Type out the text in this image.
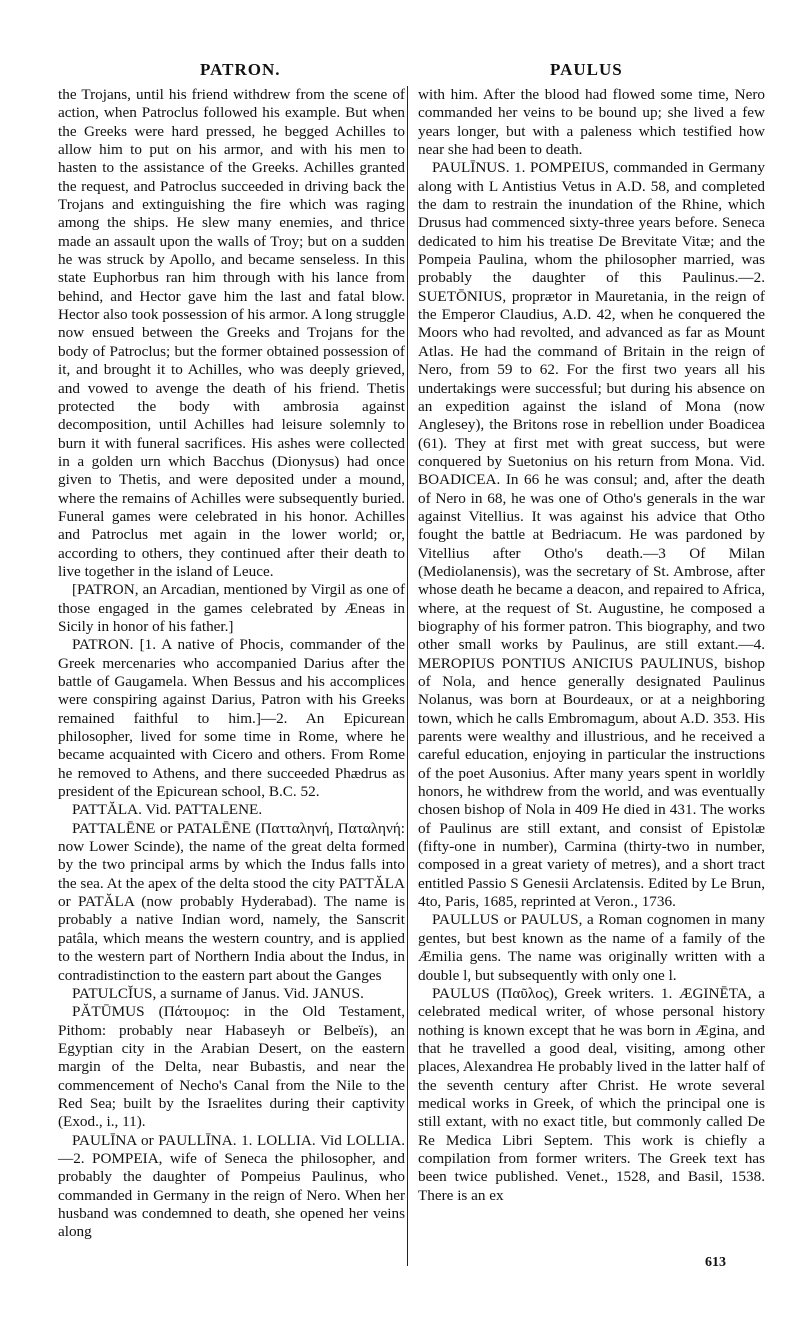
PATRON.	PAULUS

the Trojans, until his friend withdrew from the scene of action, when Patroclus followed his example. But when the Greeks were hard pressed, he begged Achilles to allow him to put on his armor, and with his men to hasten to the assistance of the Greeks. Achilles granted the request, and Patroclus succeeded in driving back the Trojans and extinguishing the fire which was raging among the ships. He slew many enemies, and thrice made an assault upon the walls of Troy; but on a sudden he was struck by Apollo, and became senseless. In this state Euphorbus ran him through with his lance from behind, and Hector gave him the last and fatal blow. Hector also took possession of his armor. A long struggle now ensued between the Greeks and Trojans for the body of Patroclus; but the former obtained possession of it, and brought it to Achilles, who was deeply grieved, and vowed to avenge the death of his friend. Thetis protected the body with ambrosia against decomposition, until Achilles had leisure solemnly to burn it with funeral sacrifices. His ashes were collected in a golden urn which Bacchus (Dionysus) had once given to Thetis, and were deposited under a mound, where the remains of Achilles were subsequently buried. Funeral games were celebrated in his honor. Achilles and Patroclus met again in the lower world; or, according to others, they continued after their death to live together in the island of Leuce.

[PATRON, an Arcadian, mentioned by Virgil as one of those engaged in the games celebrated by Æneas in Sicily in honor of his father.]

PATRON. [1. A native of Phocis, commander of the Greek mercenaries who accompanied Darius after the battle of Gaugamela. When Bessus and his accomplices were conspiring against Darius, Patron with his Greeks remained faithful to him.]—2. An Epicurean philosopher, lived for some time in Rome, where he became acquainted with Cicero and others. From Rome he removed to Athens, and there succeeded Phædrus as president of the Epicurean school, B.C. 52.

PATTĂLA. Vid. PATTALENE.

PATTALĒNE or PATALĒNE (Πατταληνή, Παταληνή: now Lower Scinde), the name of the great delta formed by the two principal arms by which the Indus falls into the sea. At the apex of the delta stood the city PATTĂLA or PATĂLA (now probably Hyderabad). The name is probably a native Indian word, namely, the Sanscrit patâla, which means the western country, and is applied to the western part of Northern India about the Indus, in contradistinction to the eastern part about the Ganges

PATULCĬUS, a surname of Janus. Vid. JANUS.

PĂTŪMUS (Πάτουμος: in the Old Testament, Pithom: probably near Habaseyh or Belbeïs), an Egyptian city in the Arabian Desert, on the eastern margin of the Delta, near Bubastis, and near the commencement of Necho's Canal from the Nile to the Red Sea; built by the Israelites during their captivity (Exod., i., 11).

PAULĪNA or PAULLĪNA. 1. LOLLIA. Vid LOLLIA.—2. POMPEIA, wife of Seneca the philosopher, and probably the daughter of Pompeius Paulinus, who commanded in Germany in the reign of Nero. When her husband was condemned to death, she opened her veins along

with him. After the blood had flowed some time, Nero commanded her veins to be bound up; she lived a few years longer, but with a paleness which testified how near she had been to death.

PAULĪNUS. 1. POMPEIUS, commanded in Germany along with L Antistius Vetus in A.D. 58, and completed the dam to restrain the inundation of the Rhine, which Drusus had commenced sixty-three years before. Seneca dedicated to him his treatise De Brevitate Vitæ; and the Pompeia Paulina, whom the philosopher married, was probably the daughter of this Paulinus.—2. SUETŌNIUS, proprætor in Mauretania, in the reign of the Emperor Claudius, A.D. 42, when he conquered the Moors who had revolted, and advanced as far as Mount Atlas. He had the command of Britain in the reign of Nero, from 59 to 62. For the first two years all his undertakings were successful; but during his absence on an expedition against the island of Mona (now Anglesey), the Britons rose in rebellion under Boadicea (61). They at first met with great success, but were conquered by Suetonius on his return from Mona. Vid. BOADICEA. In 66 he was consul; and, after the death of Nero in 68, he was one of Otho's generals in the war against Vitellius. It was against his advice that Otho fought the battle at Bedriacum. He was pardoned by Vitellius after Otho's death.—3 Of Milan (Mediolanensis), was the secretary of St. Ambrose, after whose death he became a deacon, and repaired to Africa, where, at the request of St. Augustine, he composed a biography of his former patron. This biography, and two other small works by Paulinus, are still extant.—4. MEROPIUS PONTIUS ANICIUS PAULINUS, bishop of Nola, and hence generally designated Paulinus Nolanus, was born at Bourdeaux, or at a neighboring town, which he calls Embromagum, about A.D. 353. His parents were wealthy and illustrious, and he received a careful education, enjoying in particular the instructions of the poet Ausonius. After many years spent in worldly honors, he withdrew from the world, and was eventually chosen bishop of Nola in 409 He died in 431. The works of Paulinus are still extant, and consist of Epistolæ (fifty-one in number), Carmina (thirty-two in number, composed in a great variety of metres), and a short tract entitled Passio S Genesii Arclatensis. Edited by Le Brun, 4to, Paris, 1685, reprinted at Veron., 1736.

PAULLUS or PAULUS, a Roman cognomen in many gentes, but best known as the name of a family of the Æmilia gens. The name was originally written with a double l, but subsequently with only one l.

PAULUS (Παῦλος), Greek writers. 1. ÆGINĒTA, a celebrated medical writer, of whose personal history nothing is known except that he was born in Ægina, and that he travelled a good deal, visiting, among other places, Alexandrea He probably lived in the latter half of the seventh century after Christ. He wrote several medical works in Greek, of which the principal one is still extant, with no exact title, but commonly called De Re Medica Libri Septem. This work is chiefly a compilation from former writers. The Greek text has been twice published. Venet., 1528, and Basil, 1538. There is an ex

613
